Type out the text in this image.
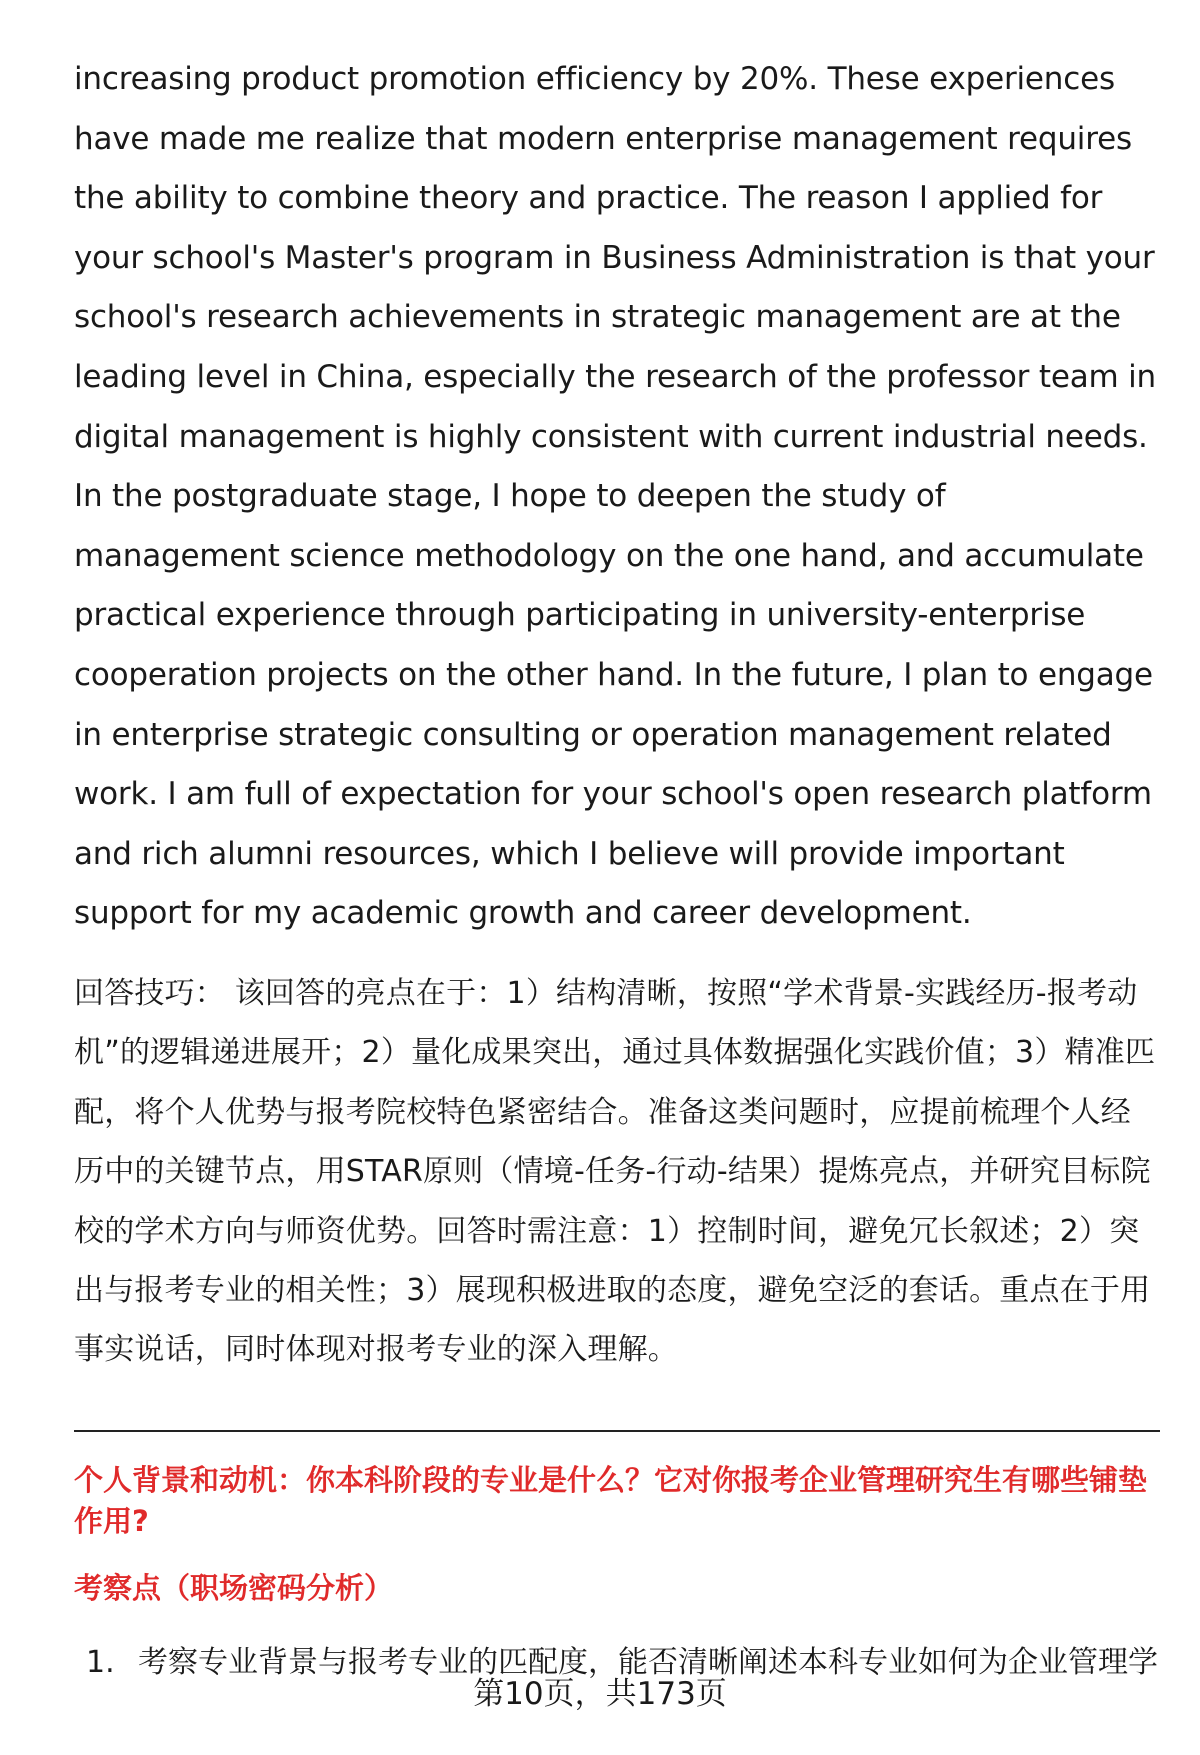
increasing product promotion efficiency by 20%. These experiences have made me realize that modern enterprise management requires the ability to combine theory and practice. The reason I applied for your school's Master's program in Business Administration is that your school's research achievements in strategic management are at the leading level in China, especially the research of the professor team in digital management is highly consistent with current industrial needs. In the postgraduate stage, I hope to deepen the study of management science methodology on the one hand, and accumulate practical experience through participating in university-enterprise cooperation projects on the other hand. In the future, I plan to engage in enterprise strategic consulting or operation management related work. I am full of expectation for your school's open research platform and rich alumni resources, which I believe will provide important support for my academic growth and career development.

回答技巧： 该回答的亮点在于：1）结构清晰，按照“学术背景-实践经历-报考动机”的逻辑递进展开；2）量化成果突出，通过具体数据强化实践价值；3）精准匹配，将个人优势与报考院校特色紧密结合。准备这类问题时，应提前梳理个人经历中的关键节点，用STAR原则（情境-任务-行动-结果）提炼亮点，并研究目标院校的学术方向与师资优势。回答时需注意：1）控制时间，避免冗长叙述；2）突出与报考专业的相关性；3）展现积极进取的态度，避免空泛的套话。重点在于用事实说话，同时体现对报考专业的深入理解。

个人背景和动机：你本科阶段的专业是什么？它对你报考企业管理研究生有哪些铺垫作用?
考察点（职场密码分析）
1. 考察专业背景与报考专业的匹配度，能否清晰阐述本科专业如何为企业管理学
第10页，共173页
